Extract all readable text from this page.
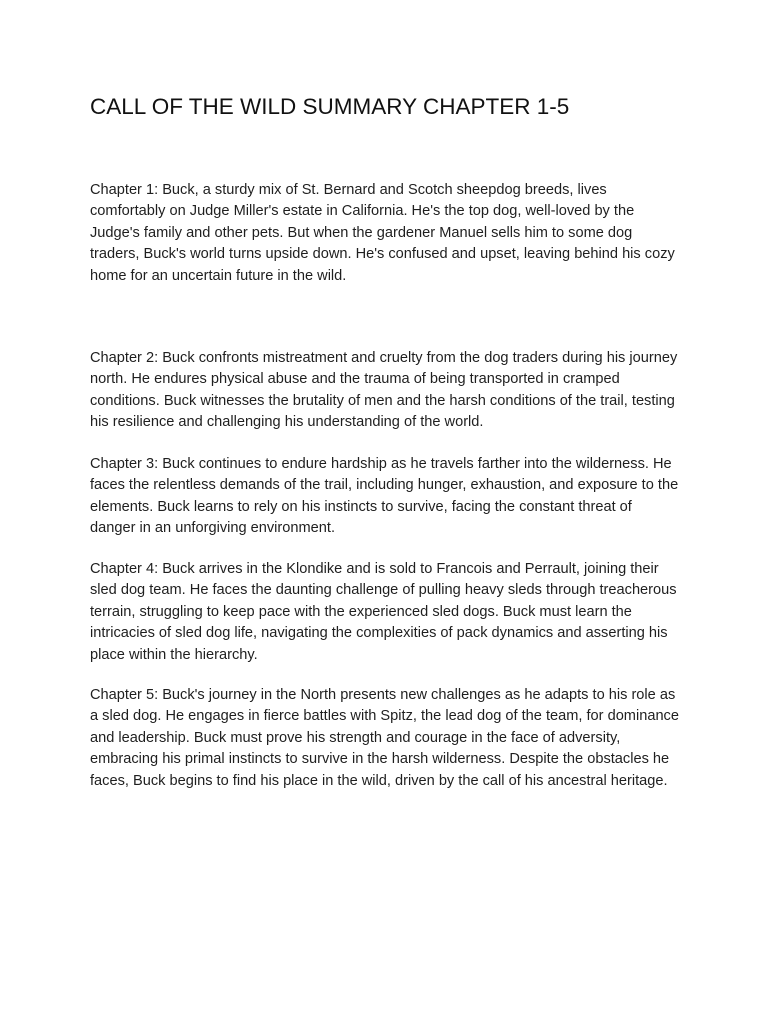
CALL OF THE WILD SUMMARY CHAPTER 1-5

Chapter 1: Buck, a sturdy mix of St. Bernard and Scotch sheepdog breeds, lives comfortably on Judge Miller's estate in California. He's the top dog, well-loved by the Judge's family and other pets. But when the gardener Manuel sells him to some dog traders, Buck's world turns upside down. He's confused and upset, leaving behind his cozy home for an uncertain future in the wild.

Chapter 2: Buck confronts mistreatment and cruelty from the dog traders during his journey north. He endures physical abuse and the trauma of being transported in cramped conditions. Buck witnesses the brutality of men and the harsh conditions of the trail, testing his resilience and challenging his understanding of the world.

Chapter 3: Buck continues to endure hardship as he travels farther into the wilderness. He faces the relentless demands of the trail, including hunger, exhaustion, and exposure to the elements. Buck learns to rely on his instincts to survive, facing the constant threat of danger in an unforgiving environment.

Chapter 4: Buck arrives in the Klondike and is sold to Francois and Perrault, joining their sled dog team. He faces the daunting challenge of pulling heavy sleds through treacherous terrain, struggling to keep pace with the experienced sled dogs. Buck must learn the intricacies of sled dog life, navigating the complexities of pack dynamics and asserting his place within the hierarchy.

Chapter 5: Buck's journey in the North presents new challenges as he adapts to his role as a sled dog. He engages in fierce battles with Spitz, the lead dog of the team, for dominance and leadership. Buck must prove his strength and courage in the face of adversity, embracing his primal instincts to survive in the harsh wilderness. Despite the obstacles he faces, Buck begins to find his place in the wild, driven by the call of his ancestral heritage.
